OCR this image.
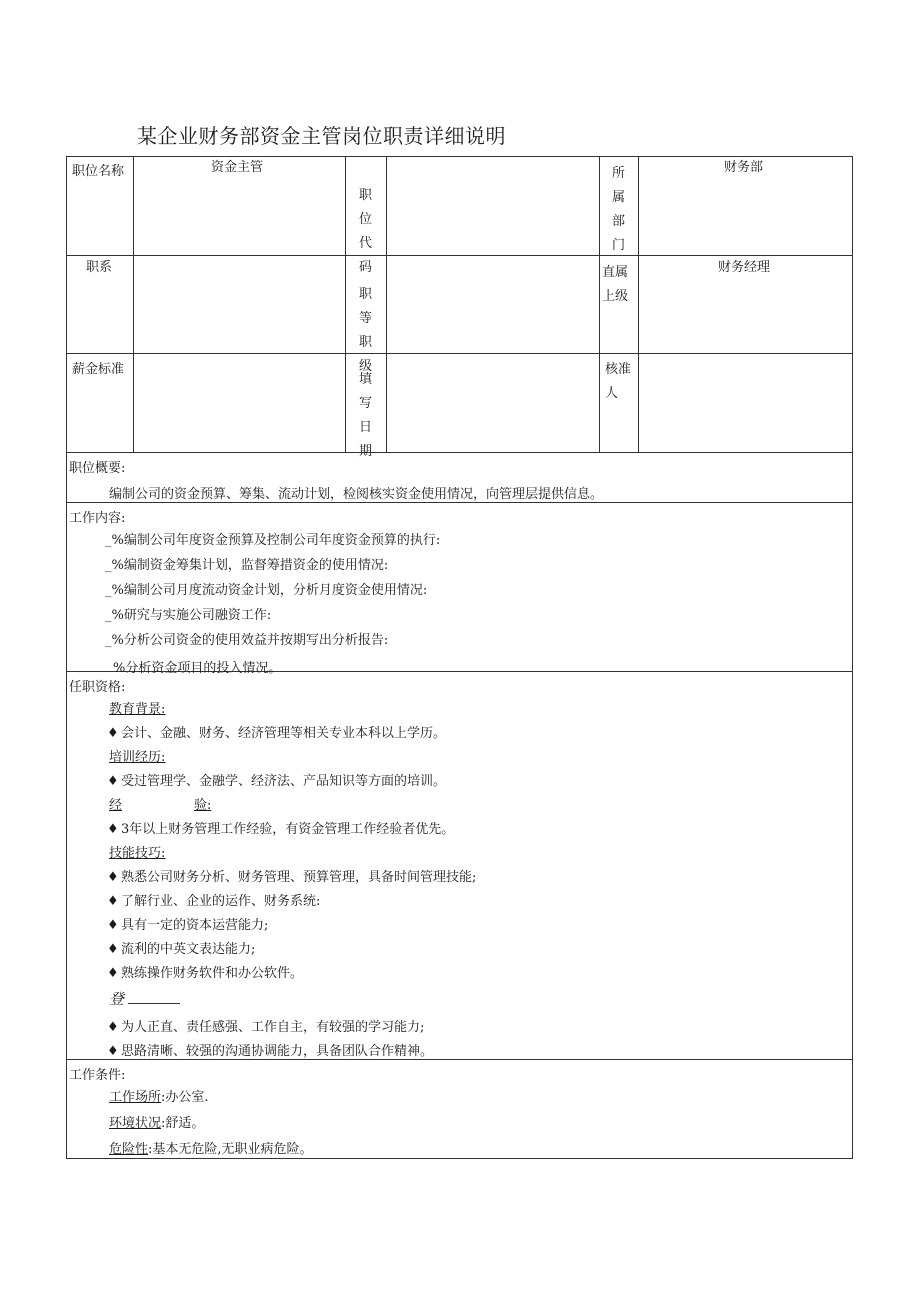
某企业财务部资金主管岗位职责详细说明
职位名称	资金主管
职位代码
所属部门
财务部
职系
职等职级
直属上级
财务经理
薪金标准
填写日期
核准人
职位概要:
编制公司的资金预算、筹集、流动计划，检阅核实资金使用情况，向管理层提供信息。
工作内容:
_%编制公司年度资金预算及控制公司年度资金预算的执行:
_%编制资金筹集计划，监督筹措资金的使用情况:
_%编制公司月度流动资金计划，分析月度资金使用情况:
_%研究与实施公司融资工作:
_%分析公司资金的使用效益并按期写出分析报告:
%分析资金项目的投入情况。
任职资格:
教育背景:
♦ 会计、金融、财务、经济管理等相关专业本科以上学历。
培训经历:
♦ 受过管理学、金融学、经济法、产品知识等方面的培训。
经	验:
♦ 3年以上财务管理工作经验，有资金管理工作经验者优先。
技能技巧:
♦ 熟悉公司财务分析、财务管理、预算管理，具备时间管理技能;
♦ 了解行业、企业的运作、财务系统:
♦ 具有一定的资本运营能力;
♦ 流利的中英文表达能力;
♦ 熟练操作财务软件和办公软件。
登
♦ 为人正直、责任感强、工作自主，有较强的学习能力;
♦ 思路清晰、较强的沟通协调能力，具备团队合作精神。
工作条件:
工作场所:办公室.
环境状况:舒适。
危险性:基本无危险,无职业病危险。
